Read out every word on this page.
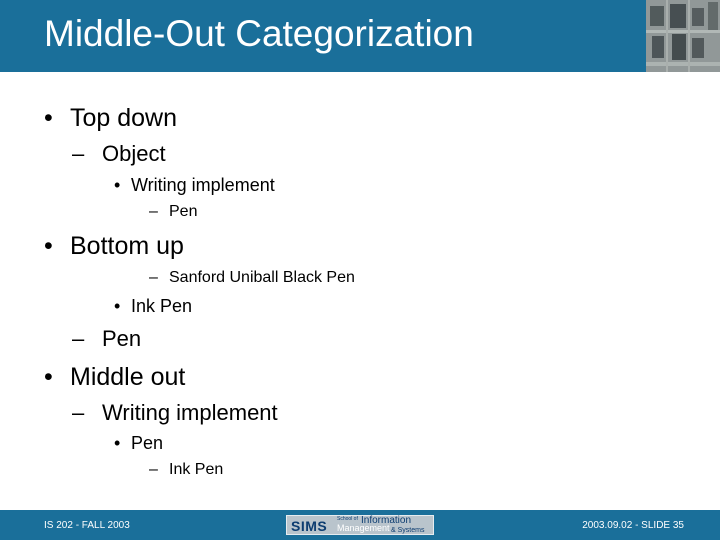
Middle-Out Categorization
• Top down
– Object
• Writing implement
– Pen
• Bottom up
– Sanford Uniball Black Pen
• Ink Pen
– Pen
• Middle out
– Writing implement
• Pen
– Ink Pen
IS 202 - FALL 2003	SIMS School of Information
Management & Systems	2003.09.02 - SLIDE 35
